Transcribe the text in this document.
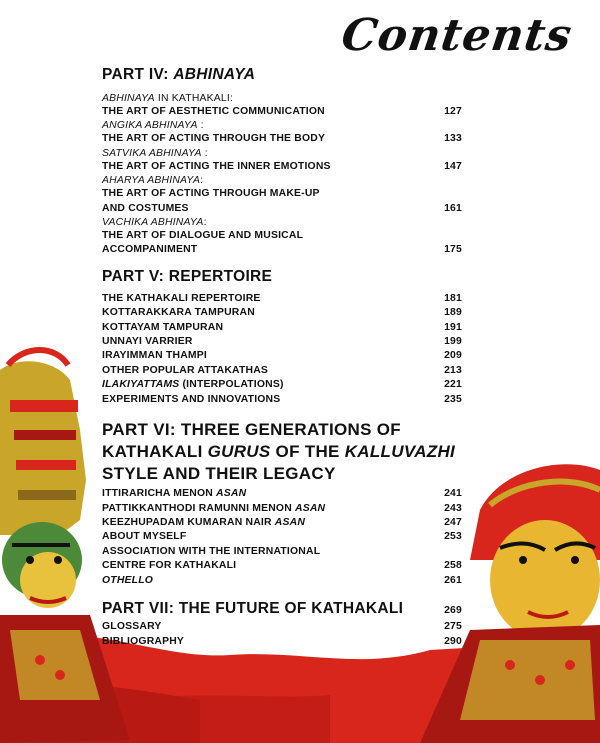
Contents
PART IV: ABHINAYA
ABHINAYA IN KATHAKALI:
THE ART OF AESTHETIC COMMUNICATION	127
ANGIKA ABHINAYA :
THE ART OF ACTING THROUGH THE BODY	133
SATVIKA ABHINAYA :
THE ART OF ACTING THE INNER EMOTIONS	147
AHARYA ABHINAYA:
THE ART OF ACTING THROUGH MAKE-UP
AND COSTUMES	161
VACHIKA ABHINAYA:
THE ART OF DIALOGUE AND MUSICAL
ACCOMPANIMENT	175
PART V: REPERTOIRE
THE KATHAKALI REPERTOIRE	181
KOTTARAKKARA TAMPURAN	189
KOTTAYAM TAMPURAN	191
UNNAYI VARRIER	199
IRAYIMMAN THAMPI	209
OTHER POPULAR ATTAKATHAS	213
ILAKIYATTAMS (INTERPOLATIONS)	221
EXPERIMENTS AND INNOVATIONS	235
PART VI: THREE GENERATIONS OF
KATHAKALI GURUS OF THE KALLUVAZHI
STYLE AND THEIR LEGACY
ITTIRARICHA MENON ASAN	241
PATTIKKANTHODI RAMUNNI MENON ASAN	243
KEEZHUPADAM KUMARAN NAIR ASAN	247
ABOUT MYSELF	253
ASSOCIATION WITH THE INTERNATIONAL
CENTRE FOR KATHAKALI	258
OTHELLO	261
PART VII: THE FUTURE OF KATHAKALI	269
GLOSSARY	275
BIBLIOGRAPHY	290
